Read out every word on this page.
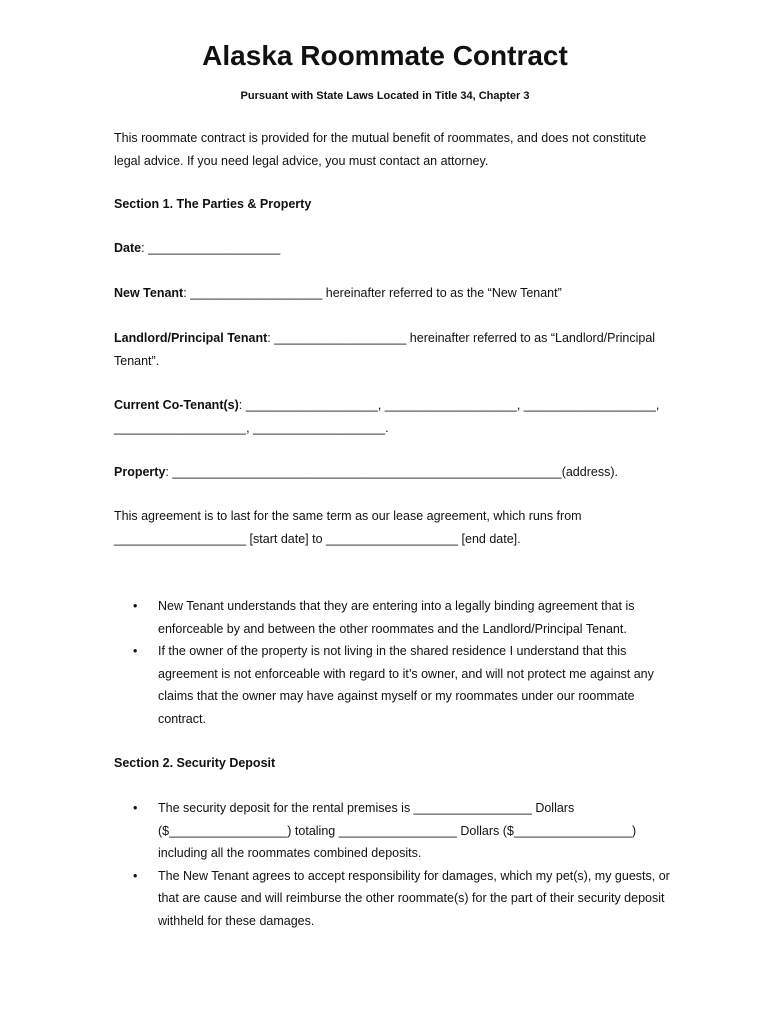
Alaska Roommate Contract
Pursuant with State Laws Located in Title 34, Chapter 3
This roommate contract is provided for the mutual benefit of roommates, and does not constitute legal advice. If you need legal advice, you must contact an attorney.
Section 1. The Parties & Property
Date: ___________________
New Tenant: ___________________ hereinafter referred to as the “New Tenant”
Landlord/Principal Tenant: ___________________ hereinafter referred to as “Landlord/Principal Tenant”.
Current Co-Tenant(s): ___________________, ___________________, ___________________, ___________________, ___________________.
Property: ________________________________________________________(address).
This agreement is to last for the same term as our lease agreement, which runs from ___________________ [start date] to ___________________ [end date].
• New Tenant understands that they are entering into a legally binding agreement that is enforceable by and between the other roommates and the Landlord/Principal Tenant.
• If the owner of the property is not living in the shared residence I understand that this agreement is not enforceable with regard to it’s owner, and will not protect me against any claims that the owner may have against myself or my roommates under our roommate contract.
Section 2. Security Deposit
• The security deposit for the rental premises is _________________ Dollars ($_________________) totaling _________________ Dollars ($_________________) including all the roommates combined deposits.
• The New Tenant agrees to accept responsibility for damages, which my pet(s), my guests, or that are cause and will reimburse the other roommate(s) for the part of their security deposit withheld for these damages.
